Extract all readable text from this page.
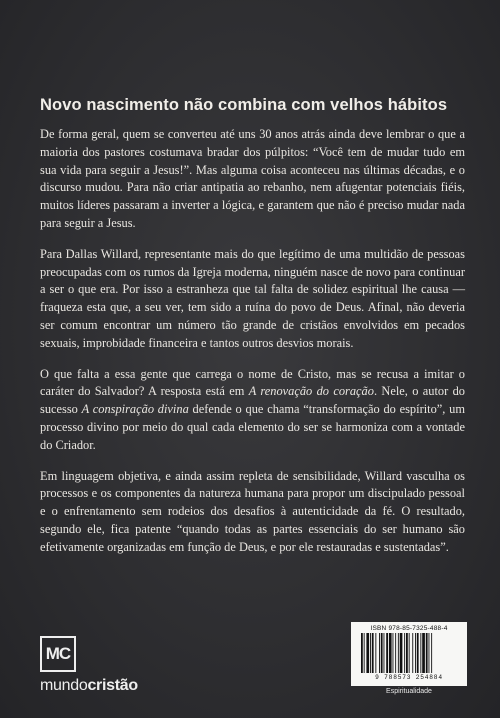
Novo nascimento não combina com velhos hábitos

De forma geral, quem se converteu até uns 30 anos atrás ainda deve lembrar o que a maioria dos pastores costumava bradar dos púlpitos: “Você tem de mudar tudo em sua vida para seguir a Jesus!”. Mas alguma coisa aconteceu nas últimas décadas, e o discurso mudou. Para não criar antipatia ao rebanho, nem afugentar potenciais fiéis, muitos líderes passaram a inverter a lógica, e garantem que não é preciso mudar nada para seguir a Jesus.

Para Dallas Willard, representante mais do que legítimo de uma multidão de pessoas preocupadas com os rumos da Igreja moderna, ninguém nasce de novo para continuar a ser o que era. Por isso a estranheza que tal falta de solidez espiritual lhe causa — fraqueza esta que, a seu ver, tem sido a ruína do povo de Deus. Afinal, não deveria ser comum encontrar um número tão grande de cristãos envolvidos em pecados sexuais, improbidade financeira e tantos outros desvios morais.

O que falta a essa gente que carrega o nome de Cristo, mas se recusa a imitar o caráter do Salvador? A resposta está em A renovação do coração. Nele, o autor do sucesso A conspiração divina defende o que chama “transformação do espírito”, um processo divino por meio do qual cada elemento do ser se harmoniza com a vontade do Criador.

Em linguagem objetiva, e ainda assim repleta de sensibilidade, Willard vasculha os processos e os componentes da natureza humana para propor um discipulado pessoal e o enfrentamento sem rodeios dos desafios à autenticidade da fé. O resultado, segundo ele, fica patente “quando todas as partes essenciais do ser humano são efetivamente organizadas em função de Deus, e por ele restauradas e sustentadas”.

MC
mundocristão
ISBN 978-85-7325-488-4
9 788573 254884
Espiritualidade
